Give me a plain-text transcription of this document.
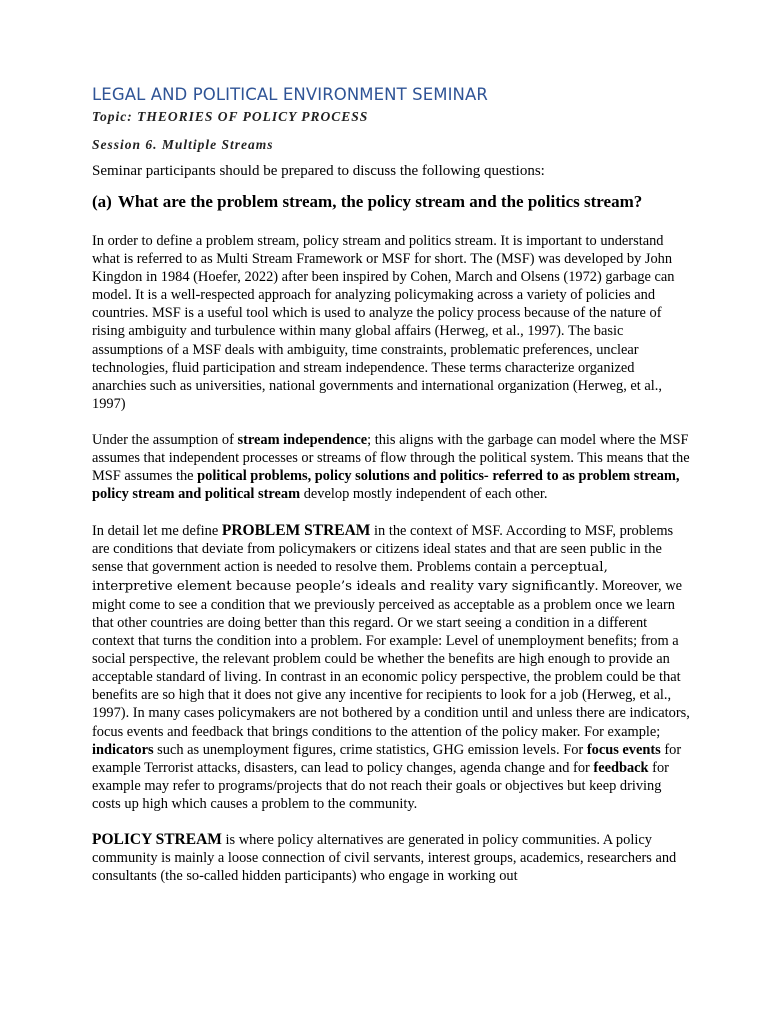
LEGAL AND POLITICAL ENVIRONMENT SEMINAR
Topic: THEORIES OF POLICY PROCESS
Session 6. Multiple Streams
Seminar participants should be prepared to discuss the following questions:
(a) What are the problem stream, the policy stream and the politics stream?

In order to define a problem stream, policy stream and politics stream. It is important to understand what is referred to as Multi Stream Framework or MSF for short. The (MSF) was developed by John Kingdon in 1984 (Hoefer, 2022) after been inspired by Cohen, March and Olsens (1972) garbage can model. It is a well-respected approach for analyzing policymaking across a variety of policies and countries. MSF is a useful tool which is used to analyze the policy process because of the nature of rising ambiguity and turbulence within many global affairs (Herweg, et al., 1997). The basic assumptions of a MSF deals with ambiguity, time constraints, problematic preferences, unclear technologies, fluid participation and stream independence. These terms characterize organized anarchies such as universities, national governments and international organization (Herweg, et al., 1997)

Under the assumption of stream independence; this aligns with the garbage can model where the MSF assumes that independent processes or streams of flow through the political system. This means that the MSF assumes the political problems, policy solutions and politics- referred to as problem stream, policy stream and political stream develop mostly independent of each other.

In detail let me define PROBLEM STREAM in the context of MSF. According to MSF, problems are conditions that deviate from policymakers or citizens ideal states and that are seen public in the sense that government action is needed to resolve them. Problems contain a perceptual, interpretive element because people’s ideals and reality vary significantly. Moreover, we might come to see a condition that we previously perceived as acceptable as a problem once we learn that other countries are doing better than this regard. Or we start seeing a condition in a different context that turns the condition into a problem. For example: Level of unemployment benefits; from a social perspective, the relevant problem could be whether the benefits are high enough to provide an acceptable standard of living. In contrast in an economic policy perspective, the problem could be that benefits are so high that it does not give any incentive for recipients to look for a job (Herweg, et al., 1997). In many cases policymakers are not bothered by a condition until and unless there are indicators, focus events and feedback that brings conditions to the attention of the policy maker. For example; indicators such as unemployment figures, crime statistics, GHG emission levels. For focus events for example Terrorist attacks, disasters, can lead to policy changes, agenda change and for feedback for example may refer to programs/projects that do not reach their goals or objectives but keep driving costs up high which causes a problem to the community.

POLICY STREAM is where policy alternatives are generated in policy communities. A policy community is mainly a loose connection of civil servants, interest groups, academics, researchers and consultants (the so-called hidden participants) who engage in working out
